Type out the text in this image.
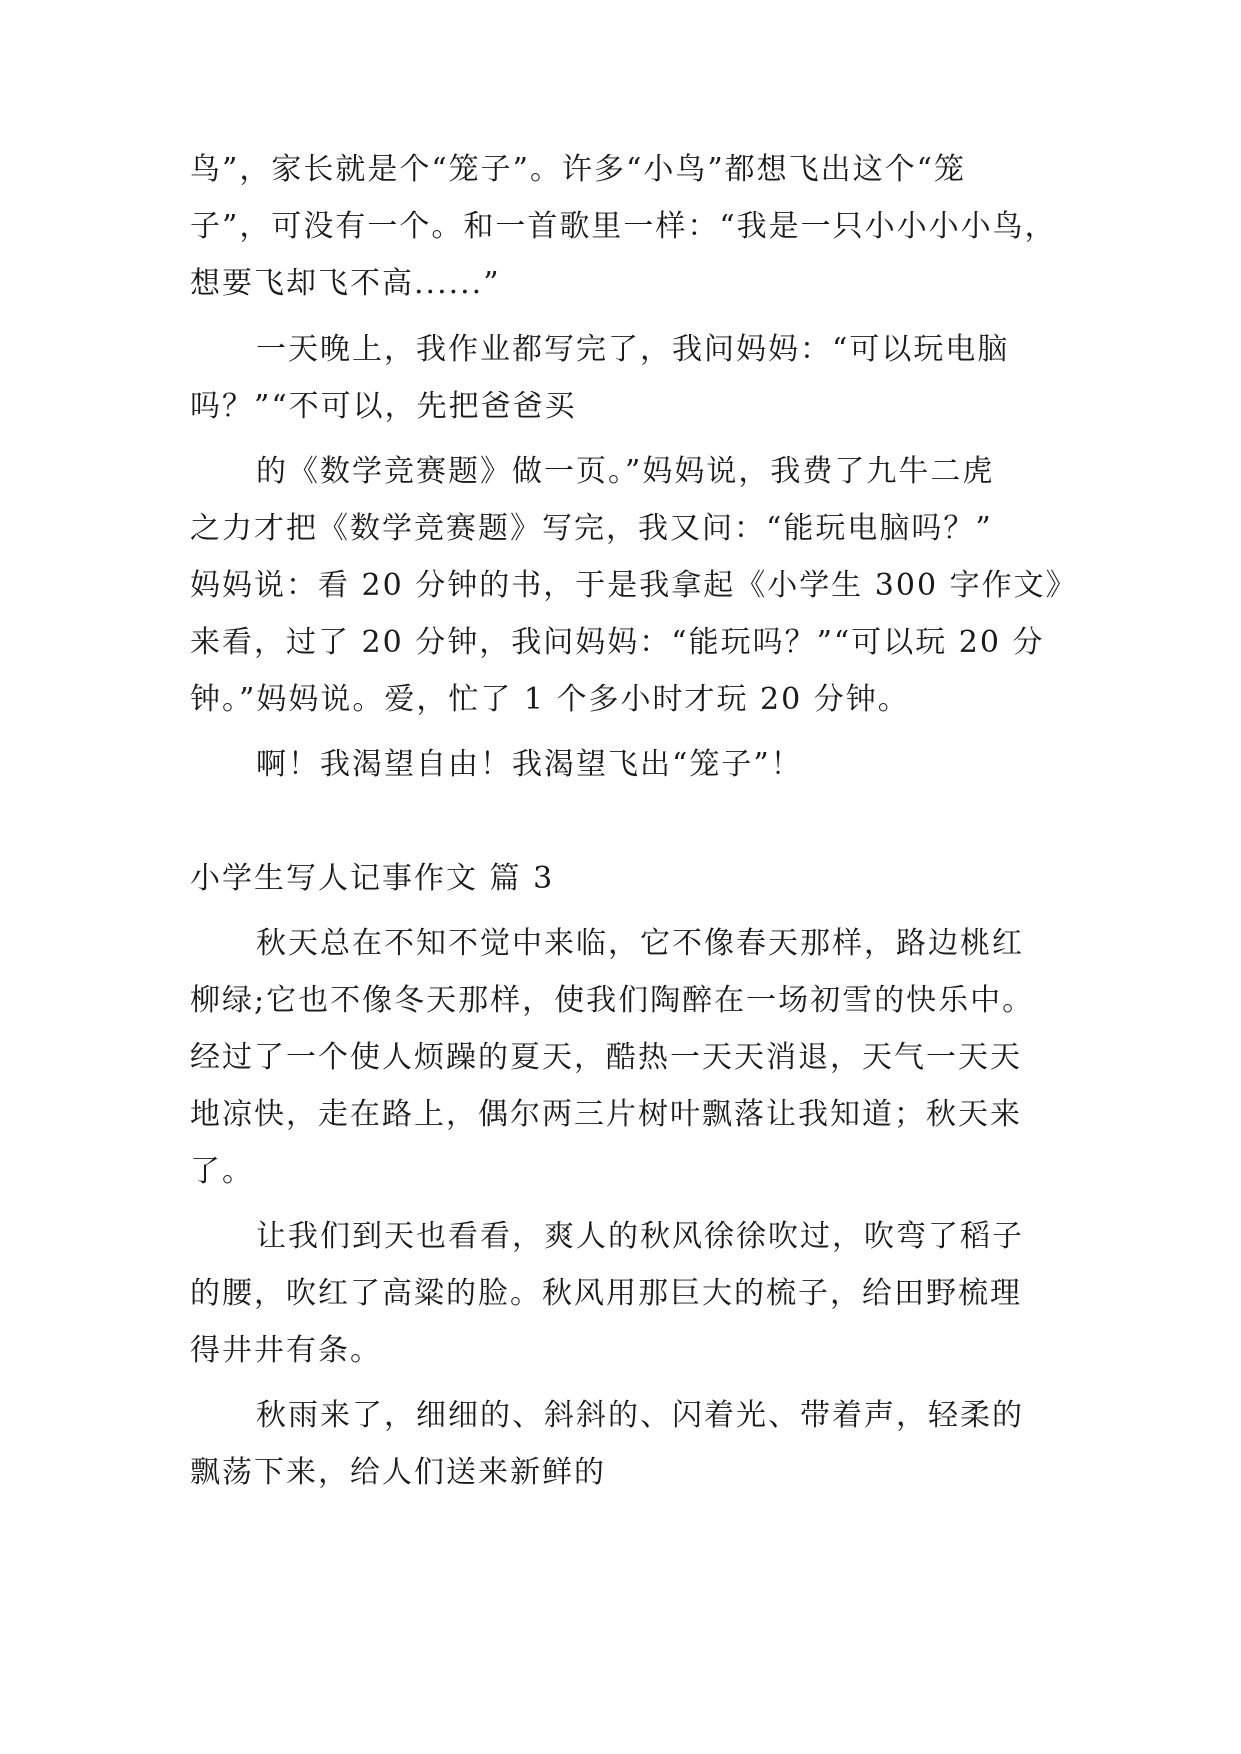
鸟”，家长就是个“笼子”。许多“小鸟”都想飞出这个“笼
子”，可没有一个。和一首歌里一样：“我是一只小小小小鸟，
想要飞却飞不高......”
一天晚上，我作业都写完了，我问妈妈：“可以玩电脑
吗？”“不可以，先把爸爸买
的《数学竞赛题》做一页。”妈妈说，我费了九牛二虎
之力才把《数学竞赛题》写完，我又问：“能玩电脑吗？”
妈妈说：看 20 分钟的书，于是我拿起《小学生 300 字作文》
来看，过了 20 分钟，我问妈妈：“能玩吗？”“可以玩 20 分
钟。”妈妈说。爱，忙了 1 个多小时才玩 20 分钟。
啊！我渴望自由！我渴望飞出“笼子”！
小学生写人记事作文 篇 3
秋天总在不知不觉中来临，它不像春天那样，路边桃红
柳绿;它也不像冬天那样，使我们陶醉在一场初雪的快乐中。
经过了一个使人烦躁的夏天，酷热一天天消退，天气一天天
地凉快，走在路上，偶尔两三片树叶飘落让我知道；秋天来
了。
让我们到天也看看，爽人的秋风徐徐吹过，吹弯了稻子
的腰，吹红了高粱的脸。秋风用那巨大的梳子，给田野梳理
得井井有条。
秋雨来了，细细的、斜斜的、闪着光、带着声，轻柔的
飘荡下来，给人们送来新鲜的
